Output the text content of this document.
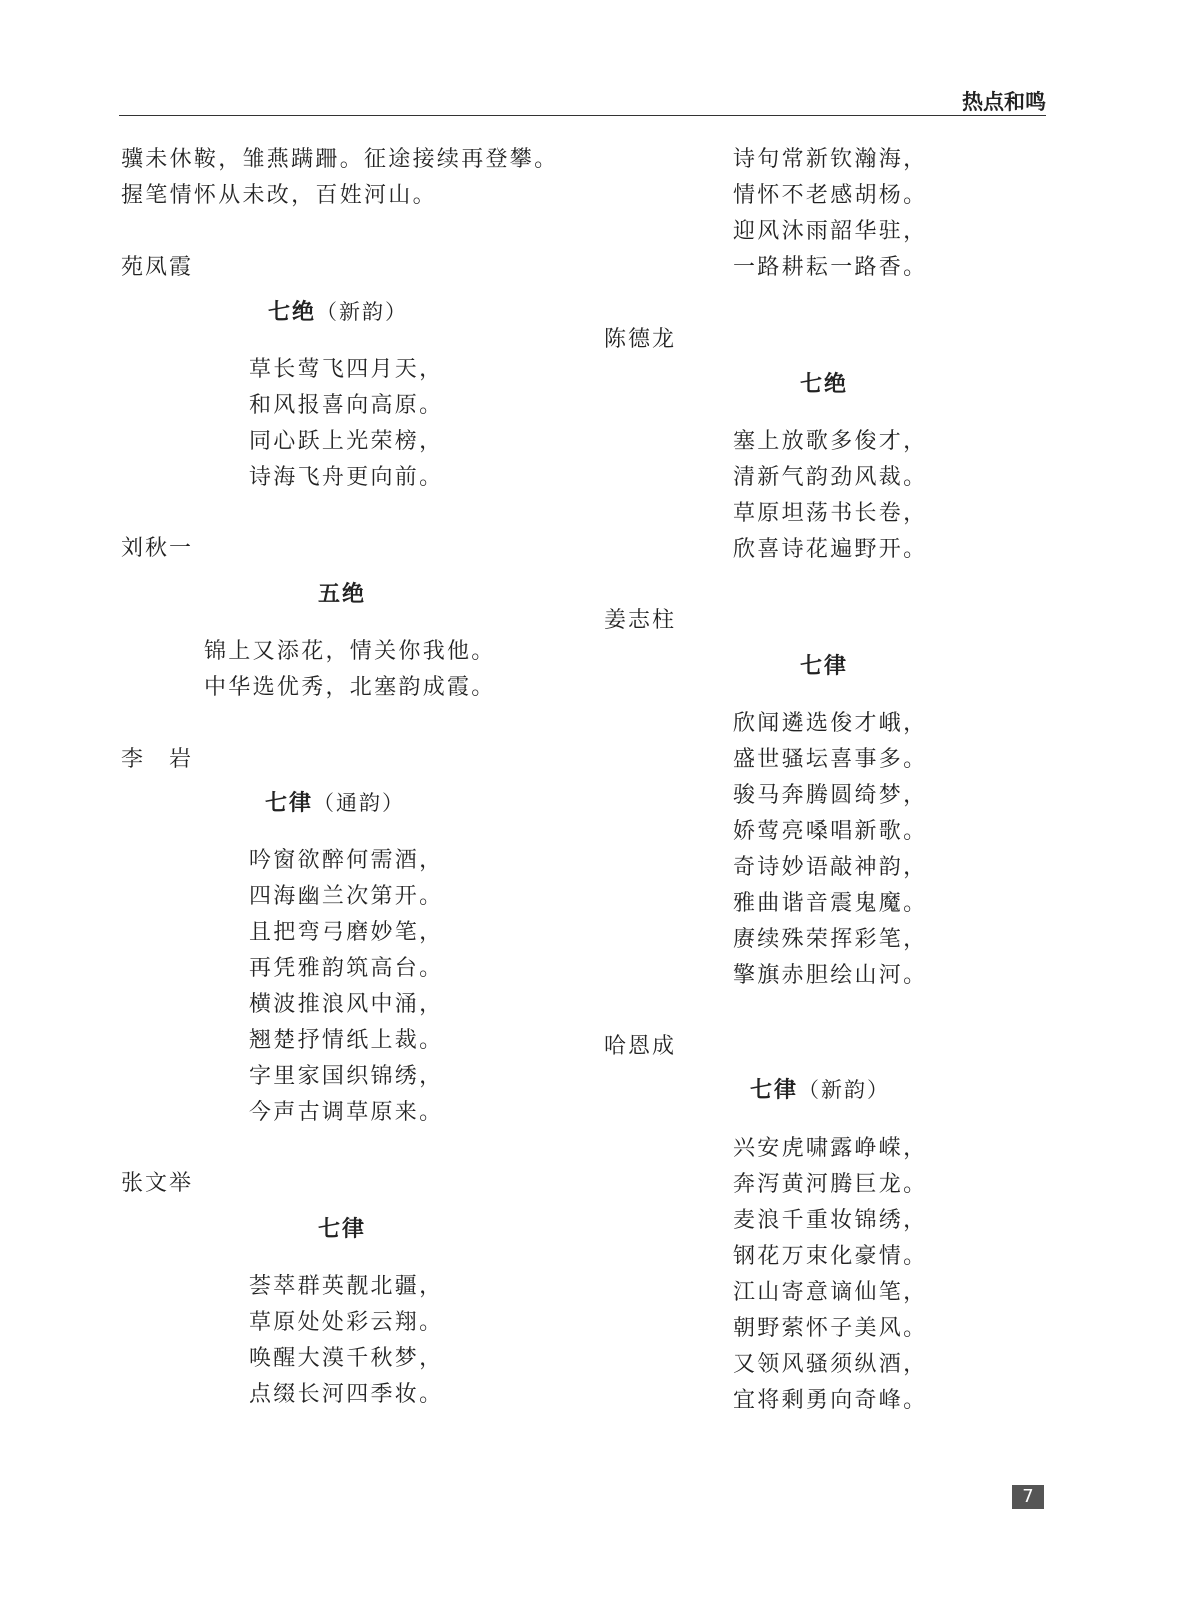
热点和鸣
骥未休鞍，雏燕蹒跚。征途接续再登攀。
握笔情怀从未改，百姓河山。
苑凤霞
七绝（新韵）
草长莺飞四月天，
和风报喜向高原。
同心跃上光荣榜，
诗海飞舟更向前。
刘秋一
五绝
锦上又添花，情关你我他。
中华选优秀，北塞韵成霞。
李　岩
七律（通韵）
吟窗欲醉何需酒，
四海幽兰次第开。
且把弯弓磨妙笔，
再凭雅韵筑高台。
横波推浪风中涌，
翘楚抒情纸上裁。
字里家国织锦绣，
今声古调草原来。
张文举
七律
荟萃群英靓北疆，
草原处处彩云翔。
唤醒大漠千秋梦，
点缀长河四季妆。
诗句常新钦瀚海，
情怀不老感胡杨。
迎风沐雨韶华驻，
一路耕耘一路香。
陈德龙
七绝
塞上放歌多俊才，
清新气韵劲风裁。
草原坦荡书长卷，
欣喜诗花遍野开。
姜志柱
七律
欣闻遴选俊才峨，
盛世骚坛喜事多。
骏马奔腾圆绮梦，
娇莺亮嗓唱新歌。
奇诗妙语敲神韵，
雅曲谐音震鬼魔。
赓续殊荣挥彩笔，
擎旗赤胆绘山河。
哈恩成
七律（新韵）
兴安虎啸露峥嵘，
奔泻黄河腾巨龙。
麦浪千重妆锦绣，
钢花万束化豪情。
江山寄意谪仙笔，
朝野萦怀子美风。
又领风骚须纵酒，
宜将剩勇向奇峰。
7
